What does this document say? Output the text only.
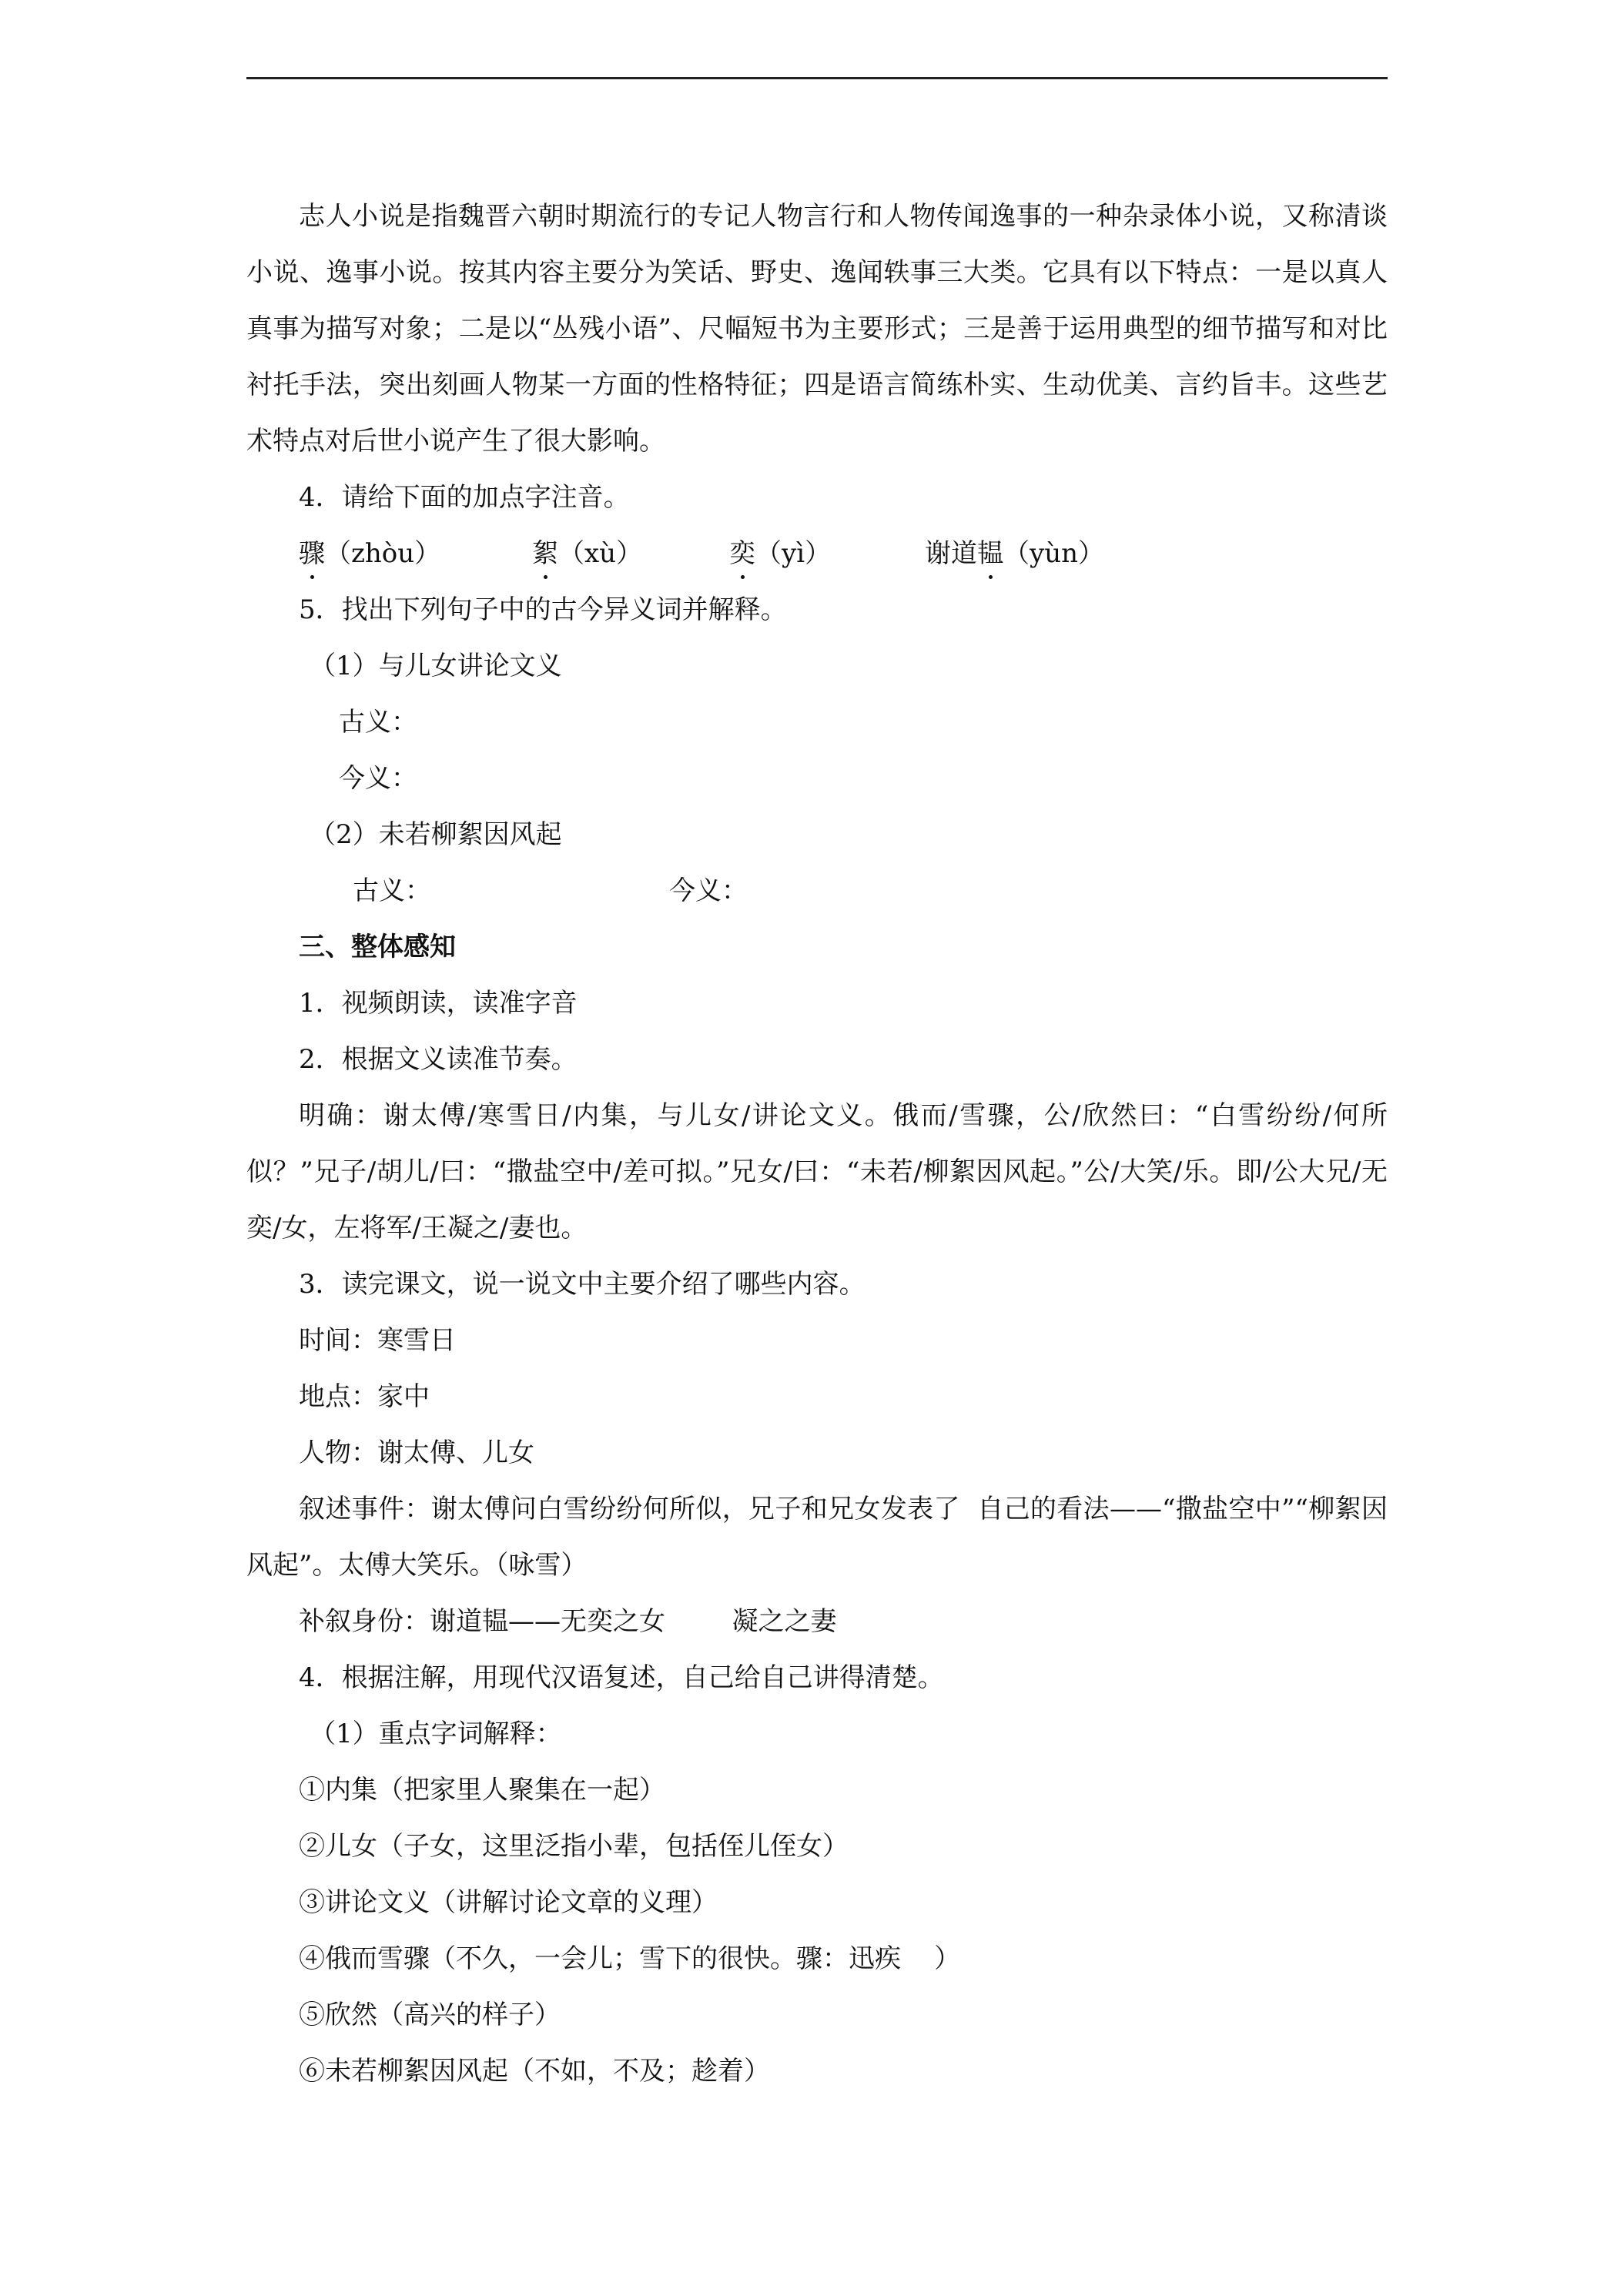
志人小说是指魏晋六朝时期流行的专记人物言行和人物传闻逸事的一种杂录体小说，又称清谈小说、逸事小说。按其内容主要分为笑话、野史、逸闻轶事三大类。它具有以下特点：一是以真人真事为描写对象；二是以“丛残小语”、尺幅短书为主要形式；三是善于运用典型的细节描写和对比衬托手法，突出刻画人物某一方面的性格特征；四是语言简练朴实、生动优美、言约旨丰。这些艺术特点对后世小说产生了很大影响。

4．请给下面的加点字注音。

骤（zhòu）	絮（xù）	奕（yì）	谢道韫（yùn）

5．找出下列句子中的古今异义词并解释。

（1）与儿女讲论文义

古义：

今义：

（2）未若柳絮因风起

古义：	今义：

三、整体感知

1．视频朗读，读准字音

2．根据文义读准节奏。

明确：谢太傅/寒雪日/内集，与儿女/讲论文义。俄而/雪骤，公/欣然曰：“白雪纷纷/何所似？”兄子/胡儿/曰：“撒盐空中/差可拟。”兄女/曰：“未若/柳絮因风起。”公/大笑/乐。即/公大兄/无奕/女，左将军/王凝之/妻也。

3．读完课文，说一说文中主要介绍了哪些内容。

时间：寒雪日

地点：家中

人物：谢太傅、儿女

叙述事件：谢太傅问白雪纷纷何所似，兄子和兄女发表了  自己的看法——“撒盐空中”“柳絮因风起”。太傅大笑乐。（咏雪）

补叙身份：谢道韫——无奕之女        凝之之妻

4．根据注解，用现代汉语复述，自己给自己讲得清楚。

（1）重点字词解释：

①内集（把家里人聚集在一起）

②儿女（子女，这里泛指小辈，包括侄儿侄女）

③讲论文义（讲解讨论文章的义理）

④俄而雪骤（不久，一会儿；雪下的很快。骤：迅疾    ）

⑤欣然（高兴的样子）

⑥未若柳絮因风起（不如，不及；趁着）
